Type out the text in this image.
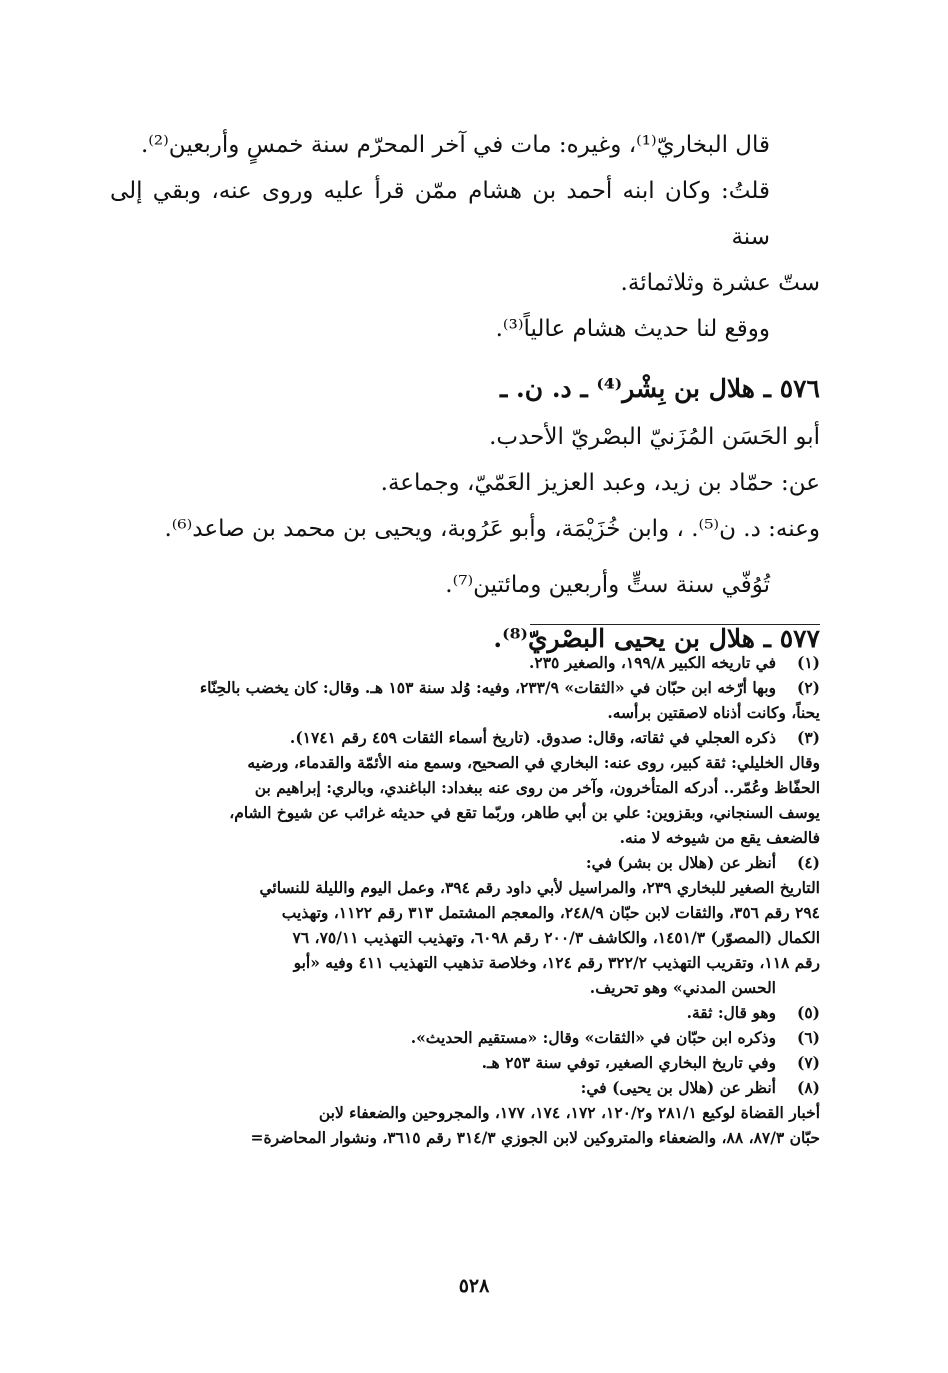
قال البخاريّ⁽¹⁾، وغيره: مات في آخر المحرّم سنة خمسٍ وأربعين⁽²⁾.

قلتُ: وكان ابنه أحمد بن هشام ممّن قرأ عليه وروى عنه، وبقي إلى سنة

ستّ عشرة وثلاثمائة.

ووقع لنا حديث هشام عالياً⁽³⁾.

٥٧٦ ـ هلال بن بِشْر⁽⁴⁾ ـ د. ن. ـ

أبو الحَسَن المُزَنيّ البصْريّ الأحدب.

عن: حمّاد بن زيد، وعبد العزيز العَمّيّ، وجماعة.

وعنه: د. ن⁽⁵⁾. ، وابن خُزَيْمَة، وأبو عَرُوبة، ويحيى بن محمد بن صاعد⁽⁶⁾.

تُوُفّي سنة ستٍّ وأربعين ومائتين⁽⁷⁾.

٥٧٧ ـ هلال بن يحيى البصْريّ⁽⁸⁾.

(١)
في تاريخه الكبير ١٩٩/٨، والصغير ٢٣٥.
(٢)
وبها أرّخه ابن حبّان في «الثقات» ٢٣٣/٩، وفيه: وُلد سنة ١٥٣ هـ. وقال: كان يخضب بالحِنّاء
يحناً، وكانت أذناه لاصقتين برأسه.
(٣)
ذكره العجلي في ثقاته، وقال: صدوق. (تاريخ أسماء الثقات ٤٥٩ رقم ١٧٤١).
وقال الخليلي: ثقة كبير، روى عنه: البخاري في الصحيح، وسمع منه الأئمّة والقدماء، ورضيه
الحفّاظ وعُمّر.. أدركه المتأخرون، وآخر من روى عنه ببغداد: الباغندي، وبالري: إبراهيم بن
يوسف السنجاني، وبقزوين: علي بن أبي طاهر، وربّما تقع في حديثه غرائب عن شيوخ الشام،
فالضعف يقع من شيوخه لا منه.
(٤)
أنظر عن (هلال بن بشر) في:
التاريخ الصغير للبخاري ٢٣٩، والمراسيل لأبي داود رقم ٣٩٤، وعمل اليوم والليلة للنسائي
٢٩٤ رقم ٣٥٦، والثقات لابن حبّان ٢٤٨/٩، والمعجم المشتمل ٣١٣ رقم ١١٢٢، وتهذيب
الكمال (المصوّر) ١٤٥١/٣، والكاشف ٢٠٠/٣ رقم ٦٠٩٨، وتهذيب التهذيب ٧٥/١١، ٧٦
رقم ١١٨، وتقريب التهذيب ٣٢٢/٢ رقم ١٢٤، وخلاصة تذهيب التهذيب ٤١١ وفيه «أبو
الحسن المدني» وهو تحريف.
(٥)
وهو قال: ثقة.
(٦)
وذكره ابن حبّان في «الثقات» وقال: «مستقيم الحديث».
(٧)
وفي تاريخ البخاري الصغير، توفي سنة ٢٥٣ هـ.
(٨)
أنظر عن (هلال بن يحيى) في:
أخبار القضاة لوكيع ٢٨١/١ و١٢٠/٢، ١٧٢، ١٧٤، ١٧٧، والمجروحين والضعفاء لابن
حبّان ٨٧/٣، ٨٨، والضعفاء والمتروكين لابن الجوزي ٣١٤/٣ رقم ٣٦١٥، ونشوار المحاضرة=
٥٢٨
